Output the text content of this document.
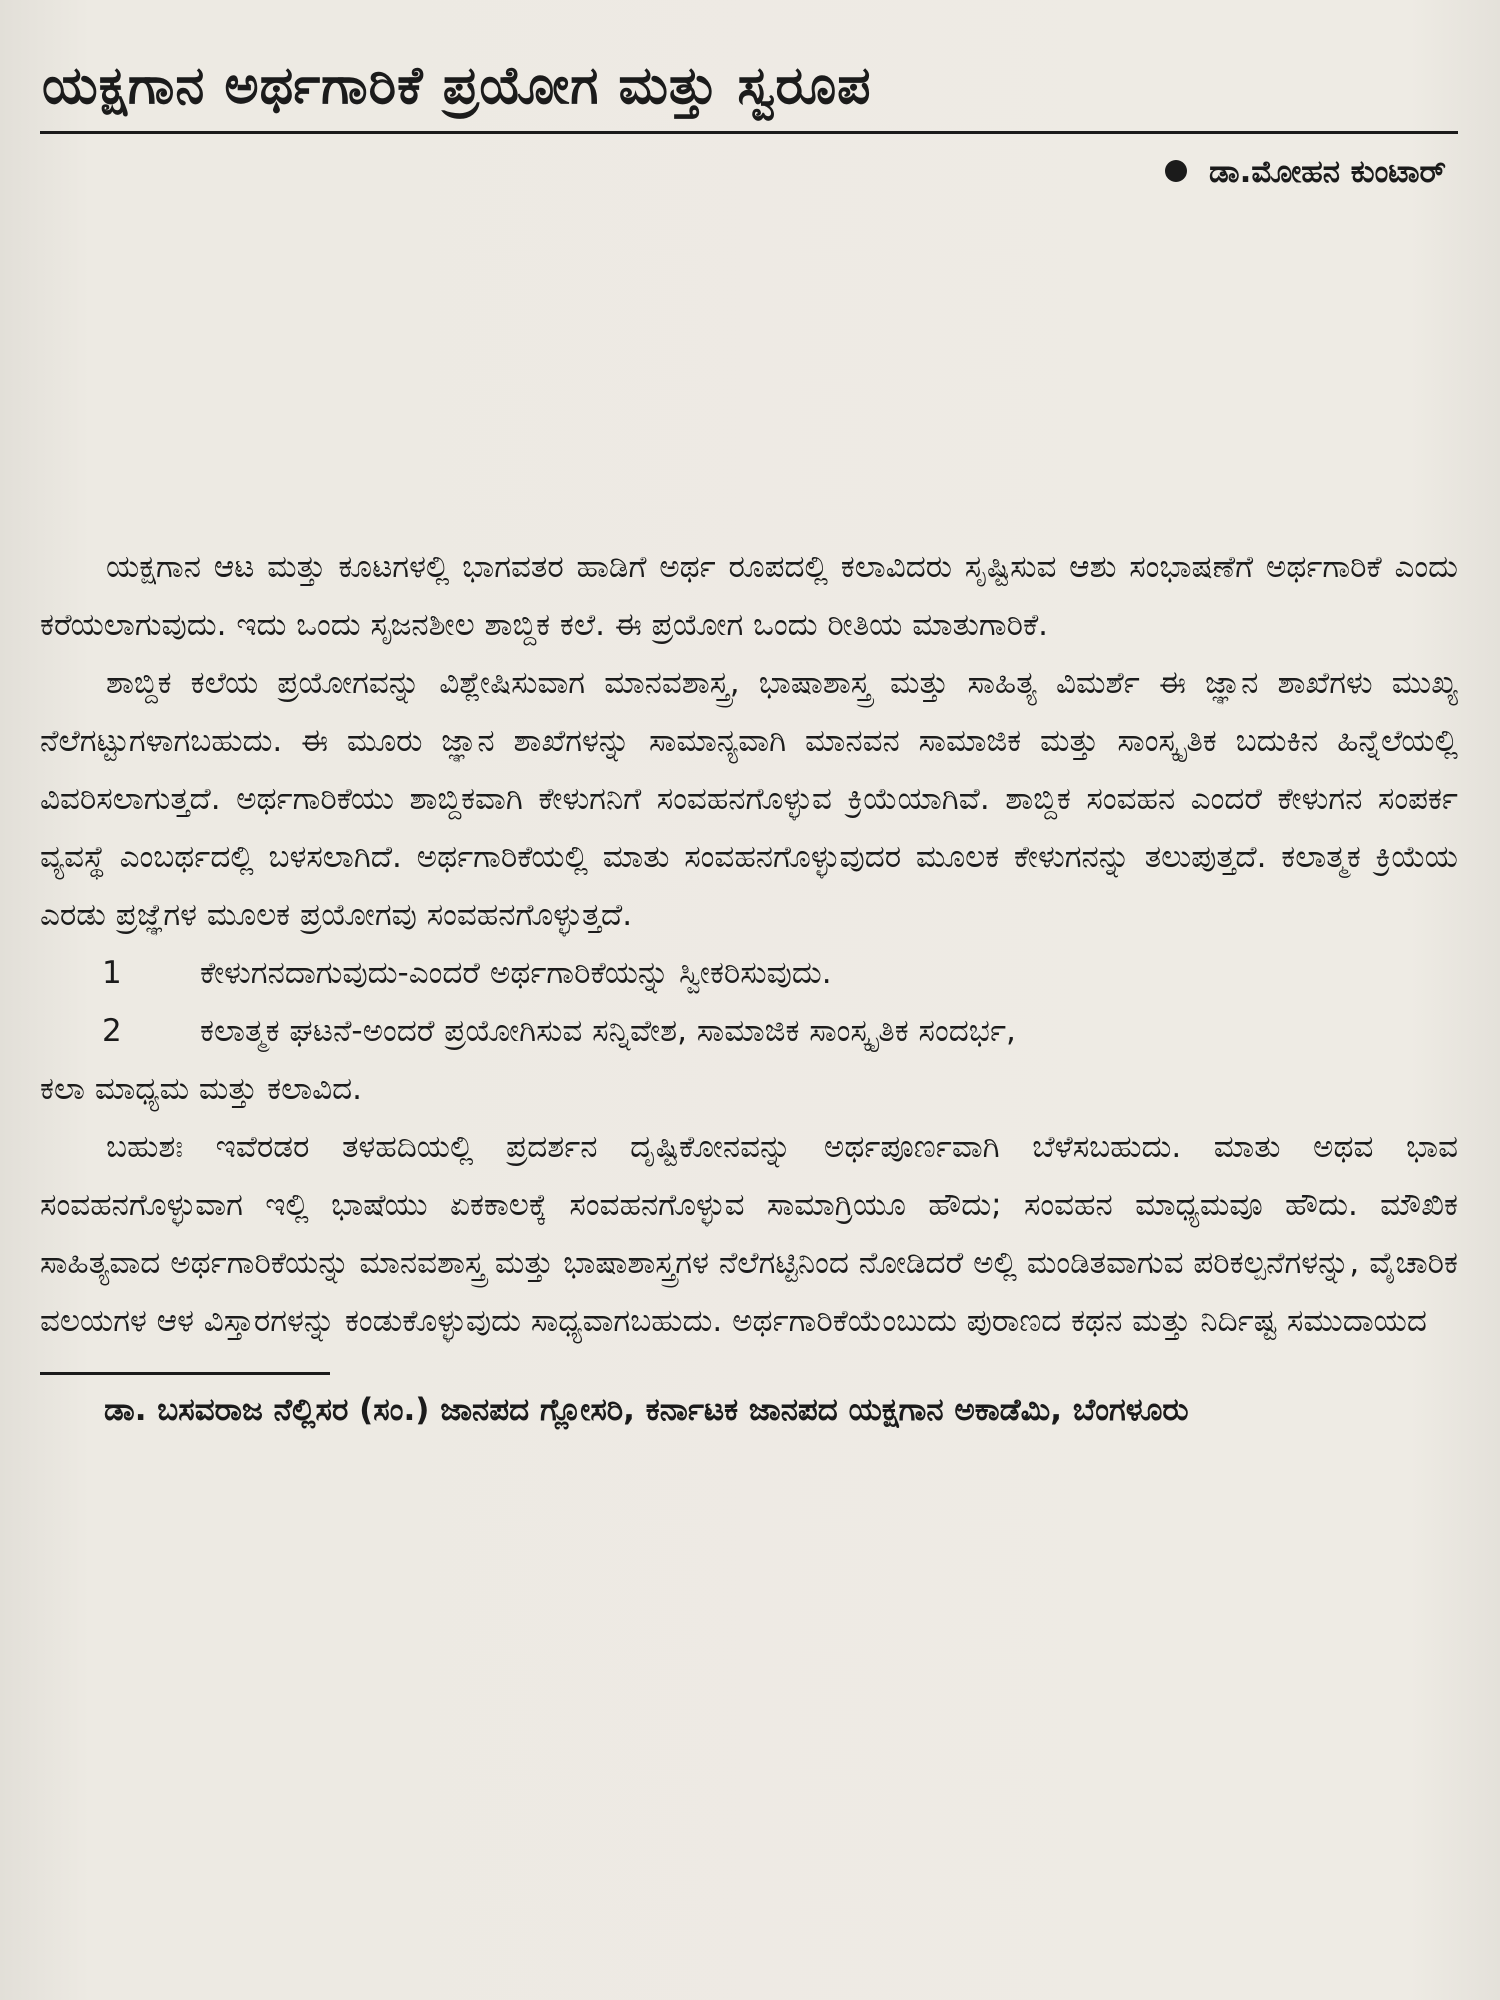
ಯಕ್ಷಗಾನ ಅರ್ಥಗಾರಿಕೆ ಪ್ರಯೋಗ ಮತ್ತು ಸ್ವರೂಪ
ಡಾ.ಮೋಹನ ಕುಂಟಾರ್

ಯಕ್ಷಗಾನ ಆಟ ಮತ್ತು ಕೂಟಗಳಲ್ಲಿ ಭಾಗವತರ ಹಾಡಿಗೆ ಅರ್ಥ ರೂಪದಲ್ಲಿ ಕಲಾವಿದರು ಸೃಷ್ಟಿಸುವ ಆಶು ಸಂಭಾಷಣೆಗೆ ಅರ್ಥಗಾರಿಕೆ ಎಂದು ಕರೆಯಲಾಗುವುದು. ಇದು ಒಂದು ಸೃಜನಶೀಲ ಶಾಬ್ದಿಕ ಕಲೆ. ಈ ಪ್ರಯೋಗ ಒಂದು ರೀತಿಯ ಮಾತುಗಾರಿಕೆ.

ಶಾಬ್ದಿಕ ಕಲೆಯ ಪ್ರಯೋಗವನ್ನು ವಿಶ್ಲೇಷಿಸುವಾಗ ಮಾನವಶಾಸ್ತ್ರ, ಭಾಷಾಶಾಸ್ತ್ರ ಮತ್ತು ಸಾಹಿತ್ಯ ವಿಮರ್ಶೆ ಈ ಜ್ಞಾನ ಶಾಖೆಗಳು ಮುಖ್ಯ ನೆಲೆಗಟ್ಟುಗಳಾಗಬಹುದು. ಈ ಮೂರು ಜ್ಞಾನ ಶಾಖೆಗಳನ್ನು ಸಾಮಾನ್ಯವಾಗಿ ಮಾನವನ ಸಾಮಾಜಿಕ ಮತ್ತು ಸಾಂಸ್ಕೃತಿಕ ಬದುಕಿನ ಹಿನ್ನೆಲೆಯಲ್ಲಿ ವಿವರಿಸಲಾಗುತ್ತದೆ. ಅರ್ಥಗಾರಿಕೆಯು ಶಾಬ್ದಿಕವಾಗಿ ಕೇಳುಗನಿಗೆ ಸಂವಹನಗೊಳ್ಳುವ ಕ್ರಿಯೆಯಾಗಿವೆ. ಶಾಬ್ದಿಕ ಸಂವಹನ ಎಂದರೆ ಕೇಳುಗನ ಸಂಪರ್ಕ ವ್ಯವಸ್ಥೆ ಎಂಬರ್ಥದಲ್ಲಿ ಬಳಸಲಾಗಿದೆ. ಅರ್ಥಗಾರಿಕೆಯಲ್ಲಿ ಮಾತು ಸಂವಹನಗೊಳ್ಳುವುದರ ಮೂಲಕ ಕೇಳುಗನನ್ನು ತಲುಪುತ್ತದೆ. ಕಲಾತ್ಮಕ ಕ್ರಿಯೆಯ ಎರಡು ಪ್ರಜ್ಞೆಗಳ ಮೂಲಕ ಪ್ರಯೋಗವು ಸಂವಹನಗೊಳ್ಳುತ್ತದೆ.

1	ಕೇಳುಗನದಾಗುವುದು-ಎಂದರೆ ಅರ್ಥಗಾರಿಕೆಯನ್ನು ಸ್ವೀಕರಿಸುವುದು.
2	ಕಲಾತ್ಮಕ ಘಟನೆ-ಅಂದರೆ ಪ್ರಯೋಗಿಸುವ ಸನ್ನಿವೇಶ, ಸಾಮಾಜಿಕ ಸಾಂಸ್ಕೃತಿಕ ಸಂದರ್ಭ,

ಕಲಾ ಮಾಧ್ಯಮ ಮತ್ತು ಕಲಾವಿದ.

ಬಹುಶಃ ಇವೆರಡರ ತಳಹದಿಯಲ್ಲಿ ಪ್ರದರ್ಶನ ದೃಷ್ಟಿಕೋನವನ್ನು ಅರ್ಥಪೂರ್ಣವಾಗಿ ಬೆಳೆಸಬಹುದು. ಮಾತು ಅಥವ ಭಾವ ಸಂವಹನಗೊಳ್ಳುವಾಗ ಇಲ್ಲಿ ಭಾಷೆಯು ಏಕಕಾಲಕ್ಕೆ ಸಂವಹನಗೊಳ್ಳುವ ಸಾಮಾಗ್ರಿಯೂ ಹೌದು; ಸಂವಹನ ಮಾಧ್ಯಮವೂ ಹೌದು. ಮೌಖಿಕ ಸಾಹಿತ್ಯವಾದ ಅರ್ಥಗಾರಿಕೆಯನ್ನು ಮಾನವಶಾಸ್ತ್ರ ಮತ್ತು ಭಾಷಾಶಾಸ್ತ್ರಗಳ ನೆಲೆಗಟ್ಟಿನಿಂದ ನೋಡಿದರೆ ಅಲ್ಲಿ ಮಂಡಿತವಾಗುವ ಪರಿಕಲ್ಪನೆಗಳನ್ನು, ವೈಚಾರಿಕ ವಲಯಗಳ ಆಳ ವಿಸ್ತಾರಗಳನ್ನು ಕಂಡುಕೊಳ್ಳುವುದು ಸಾಧ್ಯವಾಗಬಹುದು. ಅರ್ಥಗಾರಿಕೆಯೆಂಬುದು ಪುರಾಣದ ಕಥನ ಮತ್ತು ನಿರ್ದಿಷ್ಟ ಸಮುದಾಯದ

ಡಾ. ಬಸವರಾಜ ನೆಲ್ಲಿಸರ (ಸಂ.) ಜಾನಪದ ಗ್ಲೋಸರಿ, ಕರ್ನಾಟಕ ಜಾನಪದ ಯಕ್ಷಗಾನ ಅಕಾಡೆಮಿ, ಬೆಂಗಳೂರು
